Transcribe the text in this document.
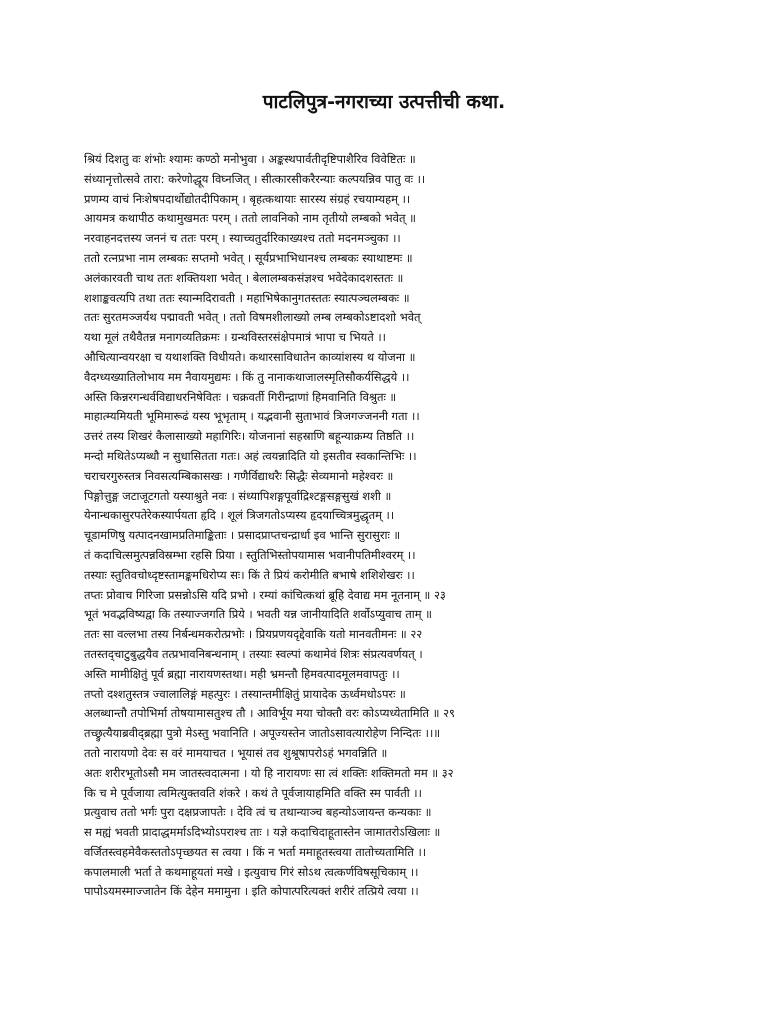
पाटलिपुत्र-नगराच्या उत्पत्तीची कथा.
श्रियं दिशतु वः शंभोः श्यामः कण्ठो मनोभुवा । अङ्कस्थपार्वतीदृष्टिपाशैरिव विवेष्टितः ॥
संध्यानृत्तोत्सवे तारा: करेणोद्धूय विघ्नजित् । सीत्कारसीकरैरन्याः कल्पयन्निव पातु वः ।।
प्रणम्य वाचं निःशेषपदार्थोद्योतदीपिकाम् । बृहत्कथायाः सारस्य संग्रहं रचयाम्यहम् ।।
आयमत्र कथापीठ कथामुखमतः परम् । ततो लावनिको नाम तृतीयो लम्बको भवेत् ॥
नरवाहनदत्तस्य जननं च ततः परम् । स्याच्चतुर्दारिकाख्यश्च ततो मदनमञ्चुका ।।
ततो रत्नप्रभा नाम लम्बकः सप्तमो भवेत् । सूर्यप्रभाभिधानश्च लम्बकः स्याथाष्टमः ॥
अलंकारवती चाथ ततः शक्तियशा भवेत् । बेलालम्बकसंज्ञश्च भवेदेकादशस्ततः ॥
शशाङ्कवत्यपि तथा ततः स्यान्मदिरावती । महाभिषेकानुगतस्ततः स्यात्पञ्चलम्बकः ॥
ततः सुरतमञ्जर्यथ पद्मावती भवेत् । ततो विषमशीलाख्यो लम्ब लम्बकोऽष्टादशो भवेत्
यथा मूलं तथैवैतन्न मनागव्यतिक्रमः । ग्रन्थविस्तरसंक्षेपमात्रं भापा च भियते ।।
औचित्यान्वयरक्षा च यथाशक्ति विधीयते। कथारसाविधातेन काव्यांशस्य थ योजना ॥
वैदग्ध्यख्यातिलोभाय मम नैवायमुद्यमः । किं तु नानाकथाजालस्मृतिसौकर्यसिद्धये ।।
अस्ति किन्नरगन्धर्वविद्याधरनिषेवितः । चक्रवर्ती गिरीन्द्राणां हिमवानिति विश्रुतः ॥
माहात्म्यमियती भूमिमारूढं यस्य भूभृताम् । यद्भवानी सुताभावं त्रिजगज्जननी गता ।।
उत्तरं तस्य शिखरं कैलासाख्यो महागिरिः। योजनानां सहस्राणि बहून्याक्रम्य तिष्ठति ।।
मन्दो मथितेऽप्यब्धौ न सुधासितता गतः। अहं त्वयन्नादिति यो इसतीव स्वकान्तिभिः ।।
चराचरगुरुस्तत्र निवसत्यम्बिकासखः । गणैर्विद्याधरैः सिद्धैः सेव्यमानो महेश्वरः ॥
पिङ्गोत्तुङ्ग जटाजूटगतो यस्याश्रुते नवः । संध्यापिशङ्गपूर्वाद्रिश्टङ्गसङ्गसुखं शशी ॥
येनान्धकासुरपतेरेकस्यार्पयता हृदि । शूलं त्रिजगतोऽप्यस्य हृदयाच्चित्रमुद्धृतम् ।।
चूडामणिषु यत्पादनखामप्रतिमाङ्किताः । प्रसादप्राप्तचन्द्रार्धा इव भान्ति सुरासुराः ॥
तं कदाचित्समुत्पन्नविस्रम्भा रहसि प्रिया । स्तुतिभिस्तोपयामास भवानीपतिमीश्वरम् ।।
तस्याः स्तुतिवचोध्दृष्टस्तामङ्कमधिरोप्य सः। किं ते प्रियं करोमीति बभाषे शशिशेखरः ।।
तप्तः प्रोवाच गिरिजा प्रसन्नोऽसि यदि प्रभो । रम्यां कांचित्कथां ब्रूहि देवाद्य मम नूतनाम् ॥ २३
भूतं भवद्भविष्यद्वा कि तस्याज्जगति प्रिये । भवती यन्न जानीयादिति शर्वोऽप्युवाच ताम् ॥
ततः सा वल्लभा तस्य निर्बन्धमकरोत्प्रभोः । प्रियप्रणयदृद्देवाकि यतो मानवतीमनः ॥ २२
ततस्तद्चाटुबुद्धयैव तत्प्रभावनिबन्धनाम् । तस्याः स्वल्पां कथामेवं शित्रः संप्रत्यवर्णयत् ।
अस्ति मामीक्षितुं पूर्व ब्रह्मा नारायणस्तथा। मही भ्रमन्तौ हिमवत्पादमूलमवापतुः ।।
तप्तो दश्शतुस्तत्र ज्वालालिङ्गं महत्पुरः । तस्यान्तमीक्षितुं प्रायादेक ऊर्ध्वमधोऽपरः ॥
अलब्धान्तौ तपोभिर्मा तोषयामासतुश्च तौ । आविर्भूय मया चोक्तौ वरः कोऽप्यध्येतामिति ॥ २९
तच्छ्रुत्यैयाब्रवीद्ब्रह्मा पुत्रो मेऽस्तु भवानिति । अपूज्यस्तेन जातोऽसावत्यारोहेण निन्दितः ।।॥
ततो नारायणो देवः स वरं मामयाचत । भूयासं तव शुश्रूषापरोऽहं भगवन्निति ॥
अतः शरीरभूतोऽसौ मम जातस्त्वदात्मना । यो हि नारायणः सा त्वं शक्तिः शक्तिमतो मम ॥ ३२
कि च मे पूर्वजाया त्वमित्युक्तवति शंकरे । कथं ते पूर्वजायाहमिति वक्ति स्म पार्वती ।।
प्रत्युवाच ततो भर्गः पुरा दक्षप्रजापतेः । देवि त्वं च तथान्याञ्च बहन्योऽजायन्त कन्यकाः ॥
स मह्यं भवती प्रादाद्धमर्माऽदिभ्योऽपराश्च ताः । यज्ञे कदाचिदाहूतास्तेन जामातरोऽखिलाः ॥
वर्जितस्त्वहमेवैकस्ततोऽपृच्छयत स त्वया । किं न भर्ता ममाहूतस्त्वया तातोच्यतामिति ।।
कपालमाली भर्ता ते कथमाहूयतां मखे । इत्युवाच गिरं सोऽथ त्वत्कर्णविषसूचिकाम् ।।
पापोऽयमस्माज्जातेन किं देहेन ममामुना । इति कोपात्परित्यक्तं शरीरं तत्प्रिये त्वया ।।
